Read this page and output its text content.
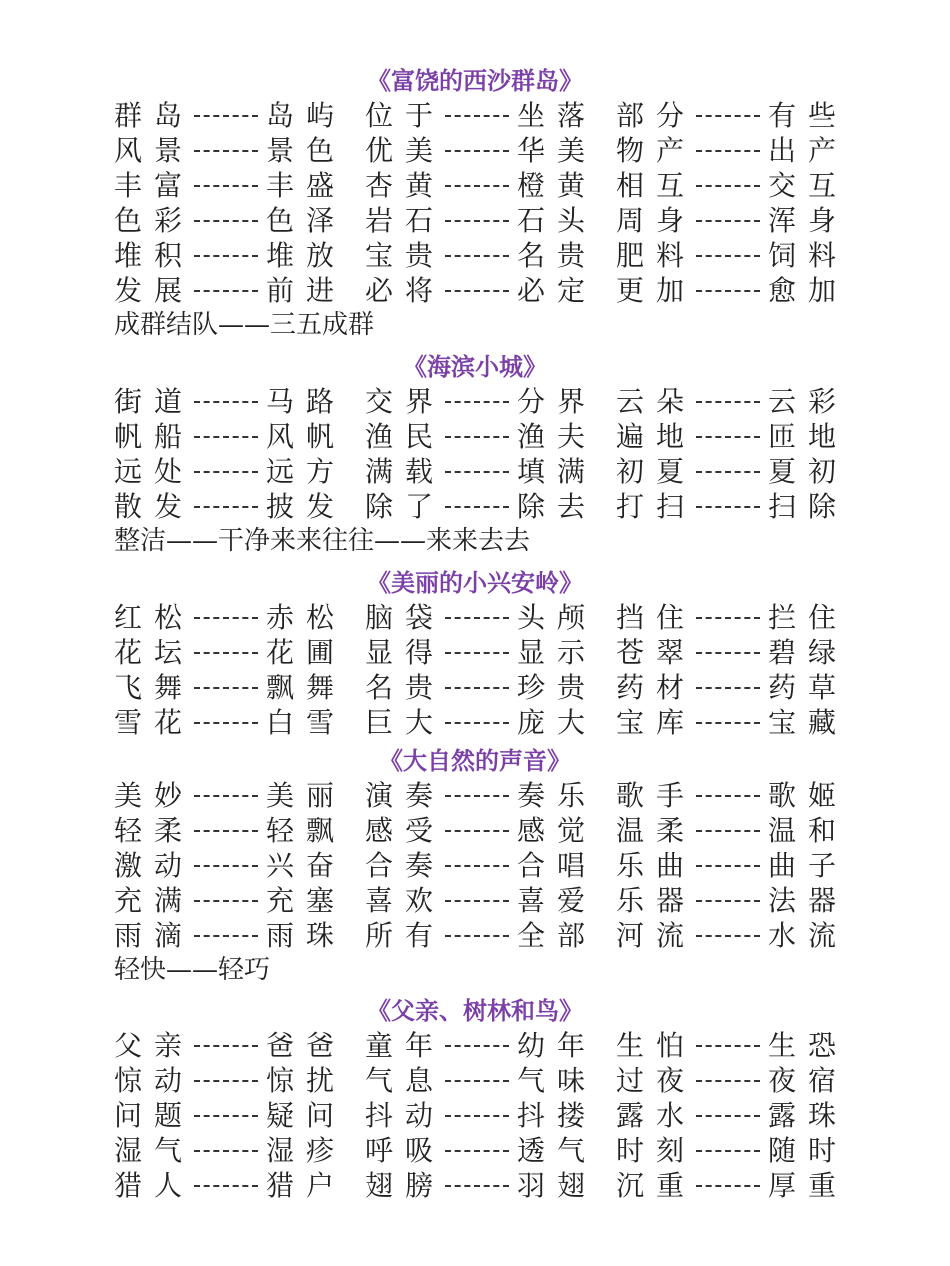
《富饶的西沙群岛》
群岛	岛屿 位于	坐落 部分	有些
风景	景色 优美	华美 物产	出产
丰富	丰盛 杏黄	橙黄 相互	交互
色彩	色泽 岩石	石头 周身	浑身
堆积	堆放 宝贵	名贵 肥料	饲料
发展	前进 必将	必定 更加	愈加
成群结队——三五成群
《海滨小城》
街道	马路 交界	分界 云朵	云彩
帆船	风帆 渔民	渔夫 遍地	匝地
远处	远方 满载	填满 初夏	夏初
散发	披发 除了	除去 打扫	扫除
整洁——干净来来往往——来来去去
《美丽的小兴安岭》
红松	赤松 脑袋	头颅 挡住	拦住
花坛	花圃 显得	显示 苍翠	碧绿
飞舞	飘舞 名贵	珍贵 药材	药草
雪花	白雪 巨大	庞大 宝库	宝藏
《大自然的声音》
美妙	美丽 演奏	奏乐 歌手	歌姬
轻柔	轻飘 感受	感觉 温柔	温和
激动	兴奋 合奏	合唱 乐曲	曲子
充满	充塞 喜欢	喜爱 乐器	法器
雨滴	雨珠 所有	全部 河流	水流
轻快——轻巧
《父亲、树林和鸟》
父亲	爸爸 童年	幼年 生怕	生恐
惊动	惊扰 气息	气味 过夜	夜宿
问题	疑问 抖动	抖搂 露水	露珠
湿气	湿疹 呼吸	透气 时刻	随时
猎人	猎户 翅膀	羽翅 沉重	厚重
